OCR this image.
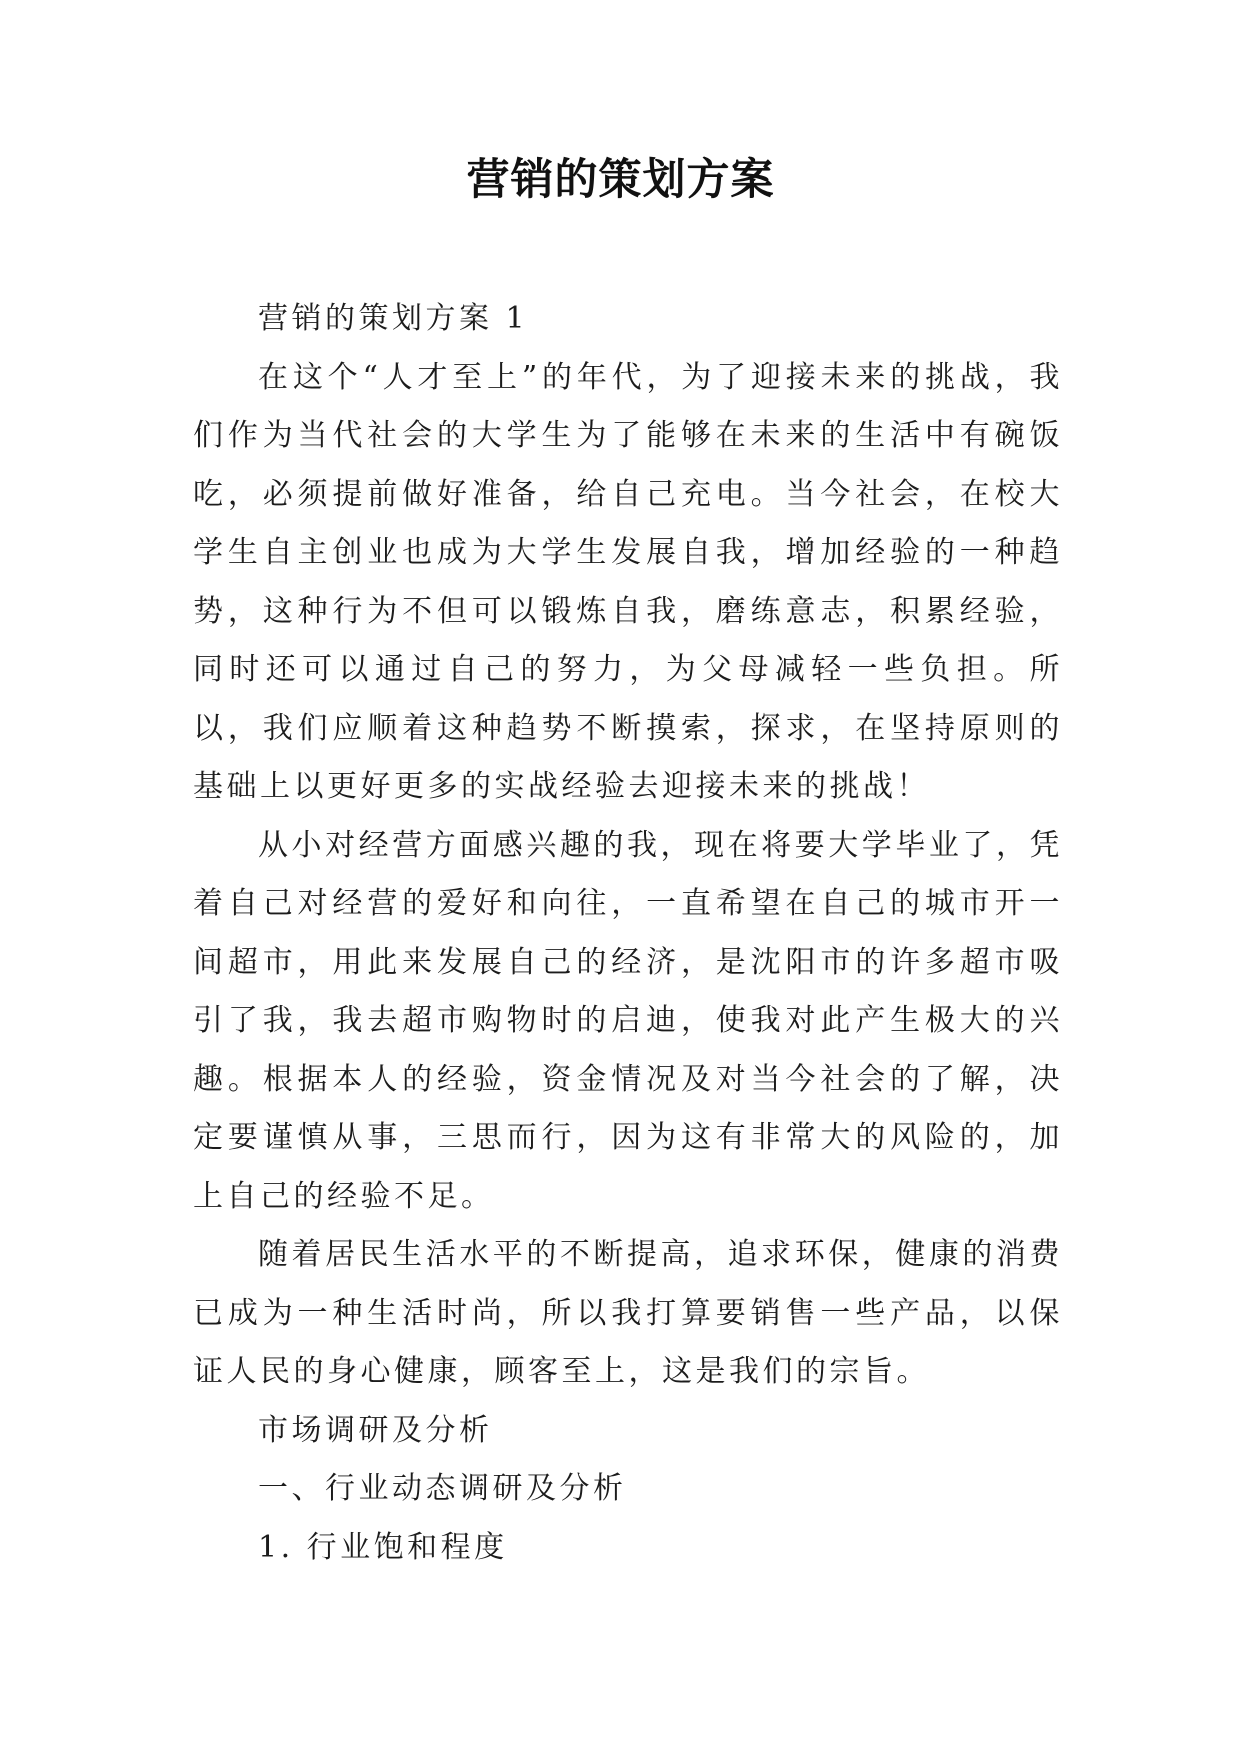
营销的策划方案

营销的策划方案 1

在这个“人才至上”的年代，为了迎接未来的挑战，我们作为当代社会的大学生为了能够在未来的生活中有碗饭吃，必须提前做好准备，给自己充电。当今社会，在校大学生自主创业也成为大学生发展自我，增加经验的一种趋势，这种行为不但可以锻炼自我，磨练意志，积累经验，同时还可以通过自己的努力，为父母减轻一些负担。所以，我们应顺着这种趋势不断摸索，探求，在坚持原则的基础上以更好更多的实战经验去迎接未来的挑战！

从小对经营方面感兴趣的我，现在将要大学毕业了，凭着自己对经营的爱好和向往，一直希望在自己的城市开一间超市，用此来发展自己的经济，是沈阳市的许多超市吸引了我，我去超市购物时的启迪，使我对此产生极大的兴趣。根据本人的经验，资金情况及对当今社会的了解，决定要谨慎从事，三思而行，因为这有非常大的风险的，加上自己的经验不足。

随着居民生活水平的不断提高，追求环保，健康的消费已成为一种生活时尚，所以我打算要销售一些产品，以保证人民的身心健康，顾客至上，这是我们的宗旨。

市场调研及分析

一、行业动态调研及分析

1. 行业饱和程度
